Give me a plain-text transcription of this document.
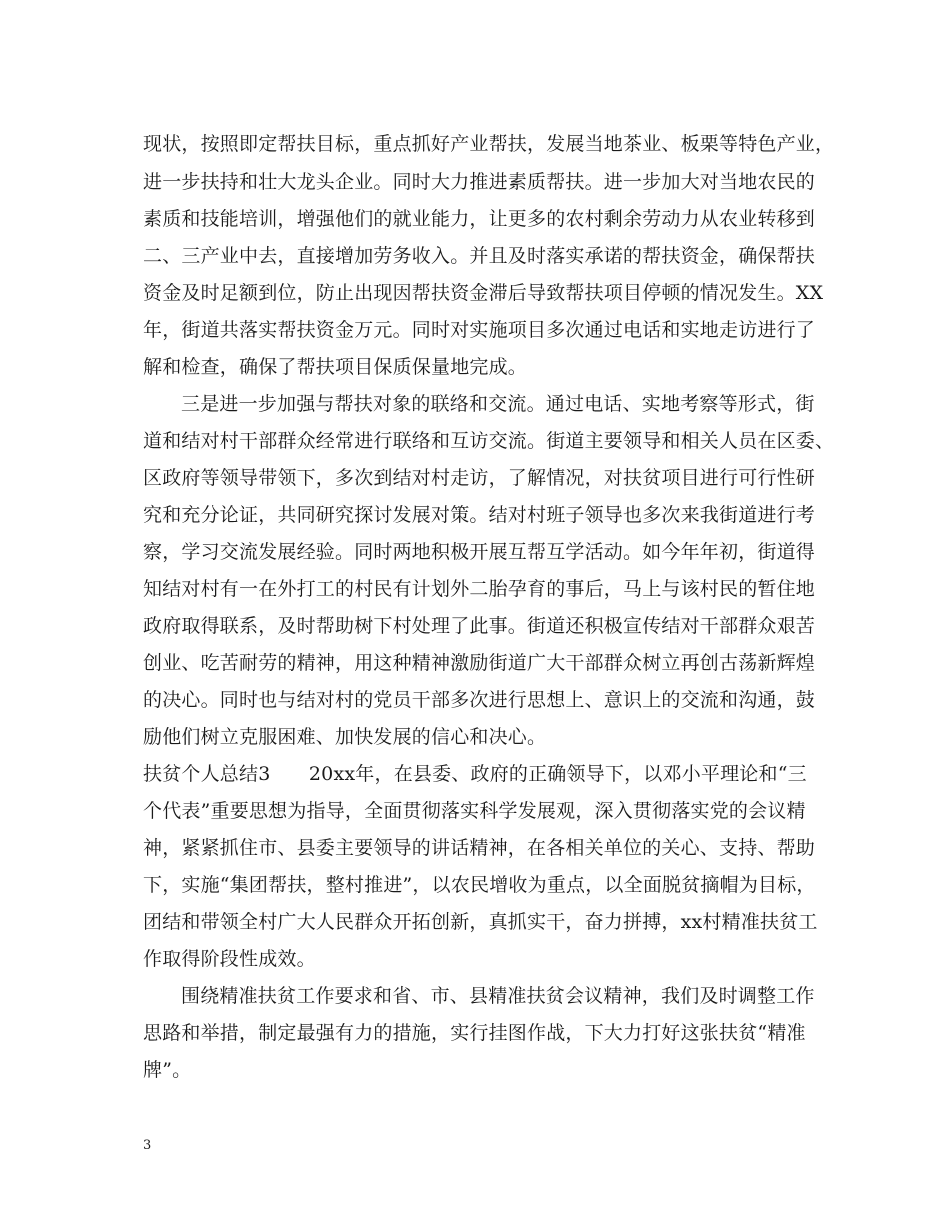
现状，按照即定帮扶目标，重点抓好产业帮扶，发展当地茶业、板栗等特色产业，
进一步扶持和壮大龙头企业。同时大力推进素质帮扶。进一步加大对当地农民的
素质和技能培训，增强他们的就业能力，让更多的农村剩余劳动力从农业转移到
二、三产业中去，直接增加劳务收入。并且及时落实承诺的帮扶资金，确保帮扶
资金及时足额到位，防止出现因帮扶资金滞后导致帮扶项目停顿的情况发生。XX
年，街道共落实帮扶资金万元。同时对实施项目多次通过电话和实地走访进行了
解和检查，确保了帮扶项目保质保量地完成。
三是进一步加强与帮扶对象的联络和交流。通过电话、实地考察等形式，街
道和结对村干部群众经常进行联络和互访交流。街道主要领导和相关人员在区委、
区政府等领导带领下，多次到结对村走访，了解情况，对扶贫项目进行可行性研
究和充分论证，共同研究探讨发展对策。结对村班子领导也多次来我街道进行考
察，学习交流发展经验。同时两地积极开展互帮互学活动。如今年年初，街道得
知结对村有一在外打工的村民有计划外二胎孕育的事后，马上与该村民的暂住地
政府取得联系，及时帮助树下村处理了此事。街道还积极宣传结对干部群众艰苦
创业、吃苦耐劳的精神，用这种精神激励街道广大干部群众树立再创古荡新辉煌
的决心。同时也与结对村的党员干部多次进行思想上、意识上的交流和沟通，鼓
励他们树立克服困难、加快发展的信心和决心。
扶贫个人总结3　　20xx年，在县委、政府的正确领导下，以邓小平理论和“三
个代表”重要思想为指导，全面贯彻落实科学发展观，深入贯彻落实党的会议精
神，紧紧抓住市、县委主要领导的讲话精神，在各相关单位的关心、支持、帮助
下，实施“集团帮扶，整村推进”，以农民增收为重点，以全面脱贫摘帽为目标，
团结和带领全村广大人民群众开拓创新，真抓实干，奋力拼搏，xx村精准扶贫工
作取得阶段性成效。
围绕精准扶贫工作要求和省、市、县精准扶贫会议精神，我们及时调整工作
思路和举措，制定最强有力的措施，实行挂图作战，下大力打好这张扶贫“精准
牌”。
3
